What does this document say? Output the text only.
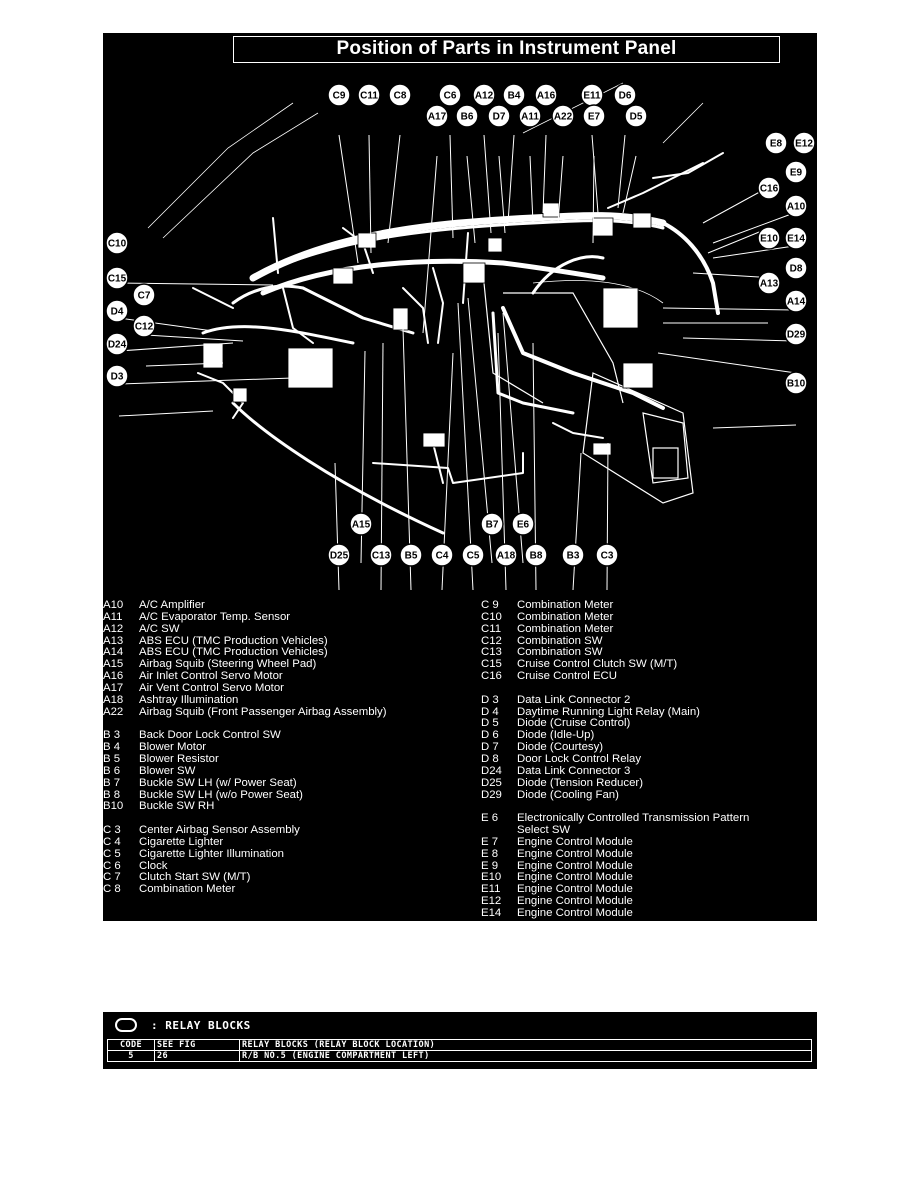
Position of Parts in Instrument Panel
C9 C11 C8	C6 A12 B4 A16	E11 D6
A17 B6 D7 A11 A22 E7	D5
E8 E12
E9
C16
A10
E10 E14
D8
A13
A14
D29
B10
C10
C15
C7
D4
C12
D24
D3
A15	B7 E6
D25 C13 B5 C4 C5 A18 B8 B3 C3
A10	A/C Amplifier
A11	A/C Evaporator Temp. Sensor
A12	A/C SW
A13	ABS ECU (TMC Production Vehicles)
A14	ABS ECU (TMC Production Vehicles)
A15	Airbag Squib (Steering Wheel Pad)
A16	Air Inlet Control Servo Motor
A17	Air Vent Control Servo Motor
A18	Ashtray Illumination
A22	Airbag Squib (Front Passenger Airbag Assembly)
B 3	Back Door Lock Control SW
B 4	Blower Motor
B 5	Blower Resistor
B 6	Blower SW
B 7	Buckle SW LH (w/ Power Seat)
B 8	Buckle SW LH (w/o Power Seat)
B10	Buckle SW RH
C 3	Center Airbag Sensor Assembly
C 4	Cigarette Lighter
C 5	Cigarette Lighter Illumination
C 6	Clock
C 7	Clutch Start SW (M/T)
C 8	Combination Meter
C 9	Combination Meter
C10	Combination Meter
C11	Combination Meter
C12	Combination SW
C13	Combination SW
C15	Cruise Control Clutch SW (M/T)
C16	Cruise Control ECU
D 3	Data Link Connector 2
D 4	Daytime Running Light Relay (Main)
D 5	Diode (Cruise Control)
D 6	Diode (Idle-Up)
D 7	Diode (Courtesy)
D 8	Door Lock Control Relay
D24	Data Link Connector 3
D25	Diode (Tension Reducer)
D29	Diode (Cooling Fan)
E 6	Electronically Controlled Transmission Pattern
Select SW
E 7	Engine Control Module
E 8	Engine Control Module
E 9	Engine Control Module
E10	Engine Control Module
E11	Engine Control Module
E12	Engine Control Module
E14	Engine Control Module
: RELAY BLOCKS
CODE	SEE FIG	RELAY BLOCKS (RELAY BLOCK LOCATION)
5	26	R/B NO.5 (ENGINE COMPARTMENT LEFT)
